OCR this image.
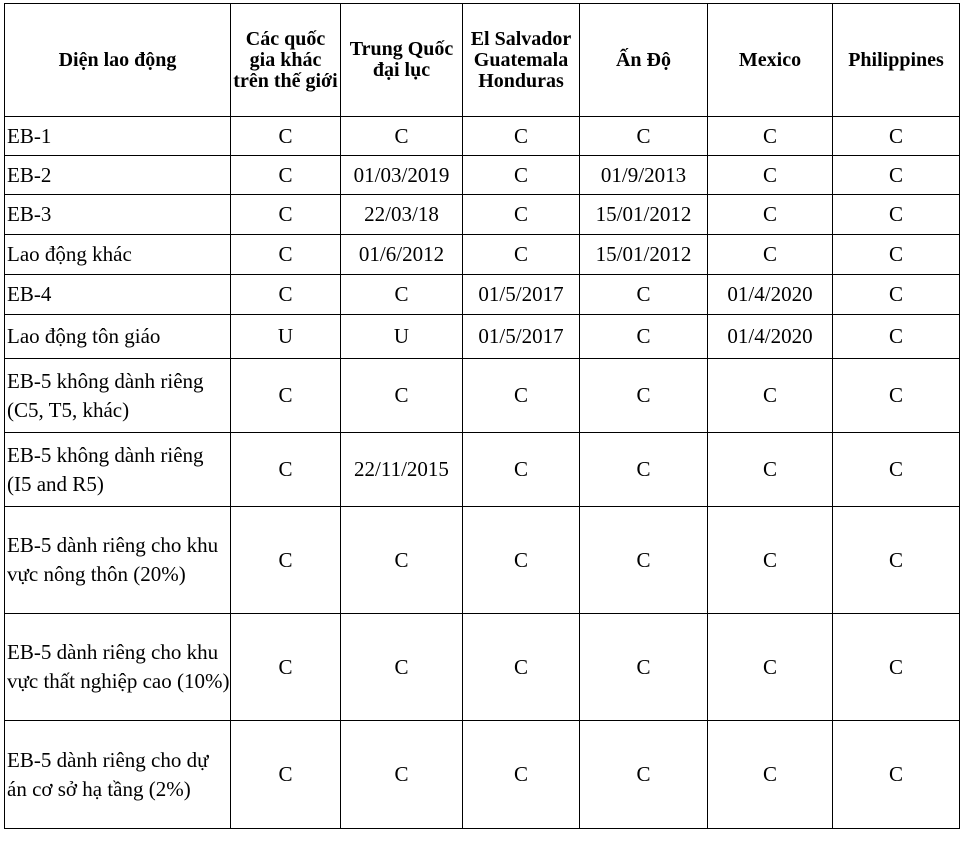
Diện lao động	Các quốc gia khác trên thế giới	Trung Quốc đại lục	El Salvador Guatemala Honduras	Ấn Độ	Mexico	Philippines
EB-1	C	C	C	C	C	C
EB-2	C	01/03/2019	C	01/9/2013	C	C
EB-3	C	22/03/18	C	15/01/2012	C	C
Lao động khác	C	01/6/2012	C	15/01/2012	C	C
EB-4	C	C	01/5/2017	C	01/4/2020	C
Lao động tôn giáo	U	U	01/5/2017	C	01/4/2020	C
EB-5 không dành riêng (C5, T5, khác)	C	C	C	C	C	C
EB-5 không dành riêng (I5 and R5)	C	22/11/2015	C	C	C	C
EB-5 dành riêng cho khu vực nông thôn (20%)	C	C	C	C	C	C
EB-5 dành riêng cho khu vực thất nghiệp cao (10%)	C	C	C	C	C	C
EB-5 dành riêng cho dự án cơ sở hạ tầng (2%)	C	C	C	C	C	C
